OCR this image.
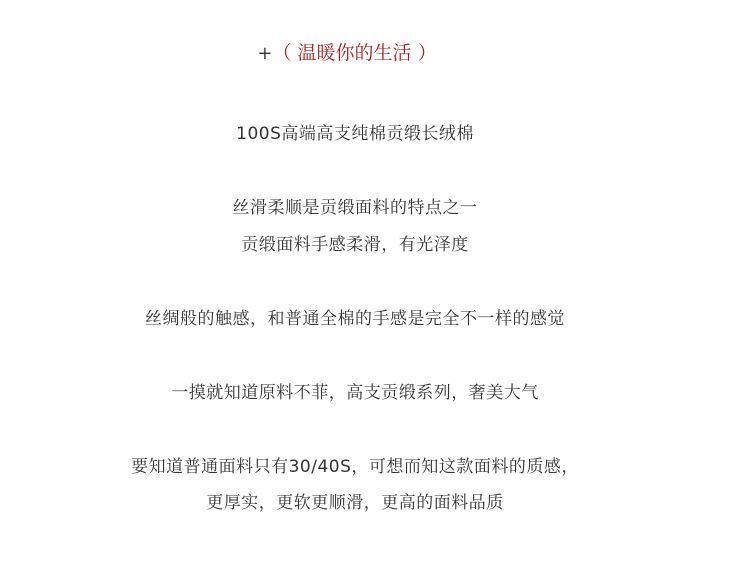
+（ 温暖你的生活 ）
100S高端高支纯棉贡缎长绒棉
丝滑柔顺是贡缎面料的特点之一
贡缎面料手感柔滑，有光泽度
丝绸般的触感，和普通全棉的手感是完全不一样的感觉
一摸就知道原料不菲，高支贡缎系列，奢美大气
要知道普通面料只有30/40S，可想而知这款面料的质感，
更厚实，更软更顺滑，更高的面料品质
